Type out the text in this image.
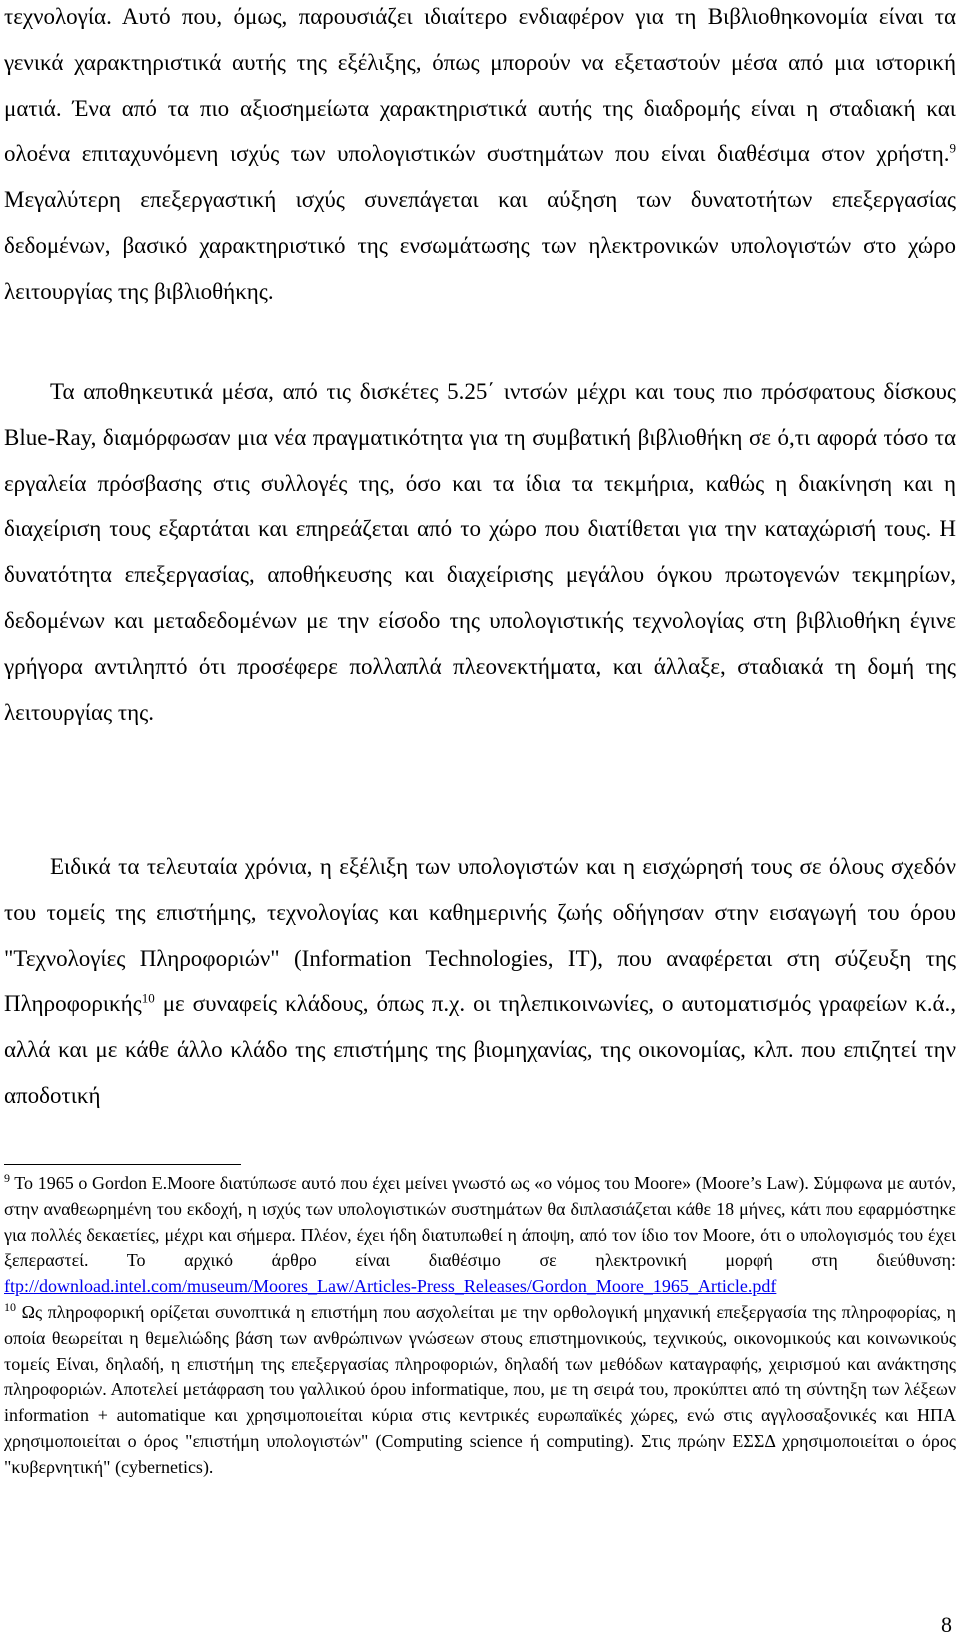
τεχνολογία. Αυτό που, όμως, παρουσιάζει ιδιαίτερο ενδιαφέρον για τη Βιβλιοθηκονομία είναι τα γενικά χαρακτηριστικά αυτής της εξέλιξης, όπως μπορούν να εξεταστούν μέσα από μια ιστορική ματιά. Ένα από τα πιο αξιοσημείωτα χαρακτηριστικά αυτής της διαδρομής είναι η σταδιακή και ολοένα επιταχυνόμενη ισχύς των υπολογιστικών συστημάτων που είναι διαθέσιμα στον χρήστη.$^9$ Μεγαλύτερη επεξεργαστική ισχύς συνεπάγεται και αύξηση των δυνατοτήτων επεξεργασίας δεδομένων, βασικό χαρακτηριστικό της ενσωμάτωσης των ηλεκτρονικών υπολογιστών στο χώρο λειτουργίας της βιβλιοθήκης.

Τα αποθηκευτικά μέσα, από τις δισκέτες 5.25΄ ιντσών μέχρι και τους πιο πρόσφατους δίσκους Blue-Ray, διαμόρφωσαν μια νέα πραγματικότητα για τη συμβατική βιβλιοθήκη σε ό,τι αφορά τόσο τα εργαλεία πρόσβασης στις συλλογές της, όσο και τα ίδια τα τεκμήρια, καθώς η διακίνηση και η διαχείριση τους εξαρτάται και επηρεάζεται από το χώρο που διατίθεται για την καταχώρισή τους. Η δυνατότητα επεξεργασίας, αποθήκευσης και διαχείρισης μεγάλου όγκου πρωτογενών τεκμηρίων, δεδομένων και μεταδεδομένων με την είσοδο της υπολογιστικής τεχνολογίας στη βιβλιοθήκη έγινε γρήγορα αντιληπτό ότι προσέφερε πολλαπλά πλεονεκτήματα, και άλλαξε, σταδιακά τη δομή της λειτουργίας της.

Ειδικά τα τελευταία χρόνια, η εξέλιξη των υπολογιστών και η εισχώρησή τους σε όλους σχεδόν του τομείς της επιστήμης, τεχνολογίας και καθημερινής ζωής οδήγησαν στην εισαγωγή του όρου "Τεχνολογίες Πληροφοριών" (Information Technologies, IT), που αναφέρεται στη σύζευξη της Πληροφορικής$^{10}$ με συναφείς κλάδους, όπως π.χ. οι τηλεπικοινωνίες, ο αυτοματισμός γραφείων κ.ά., αλλά και με κάθε άλλο κλάδο της επιστήμης της βιομηχανίας, της οικονομίας, κλπ. που επιζητεί την αποδοτική

$^9$ Το 1965 ο Gordon E.Moore διατύπωσε αυτό που έχει μείνει γνωστό ως «ο νόμος του Moore» (Moore’s Law). Σύμφωνα με αυτόν, στην αναθεωρημένη του εκδοχή, η ισχύς των υπολογιστικών συστημάτων θα διπλασιάζεται κάθε 18 μήνες, κάτι που εφαρμόστηκε για πολλές δεκαετίες, μέχρι και σήμερα. Πλέον, έχει ήδη διατυπωθεί η άποψη, από τον ίδιο τον Moore, ότι ο υπολογισμός του έχει ξεπεραστεί. Το αρχικό άρθρο είναι διαθέσιμο σε ηλεκτρονική μορφή στη διεύθυνση: ftp://download.intel.com/museum/Moores_Law/Articles-Press_Releases/Gordon_Moore_1965_Article.pdf

$^{10}$ Ως πληροφορική ορίζεται συνοπτικά η επιστήμη που ασχολείται με την ορθολογική μηχανική επεξεργασία της πληροφορίας, η οποία θεωρείται η θεμελιώδης βάση των ανθρώπινων γνώσεων στους επιστημονικούς, τεχνικούς, οικονομικούς και κοινωνικούς τομείς Είναι, δηλαδή, η επιστήμη της επεξεργασίας πληροφοριών, δηλαδή των μεθόδων καταγραφής, χειρισμού και ανάκτησης πληροφοριών. Αποτελεί μετάφραση του γαλλικού όρου informatique, που, με τη σειρά του, προκύπτει από τη σύντηξη των λέξεων information + automatique και χρησιμοποιείται κύρια στις κεντρικές ευρωπαϊκές χώρες, ενώ στις αγγλοσαξονικές και ΗΠΑ χρησιμοποιείται ο όρος "επιστήμη υπολογιστών" (Computing science ή computing). Στις πρώην ΕΣΣΔ χρησιμοποιείται ο όρος "κυβερνητική" (cybernetics).

8
